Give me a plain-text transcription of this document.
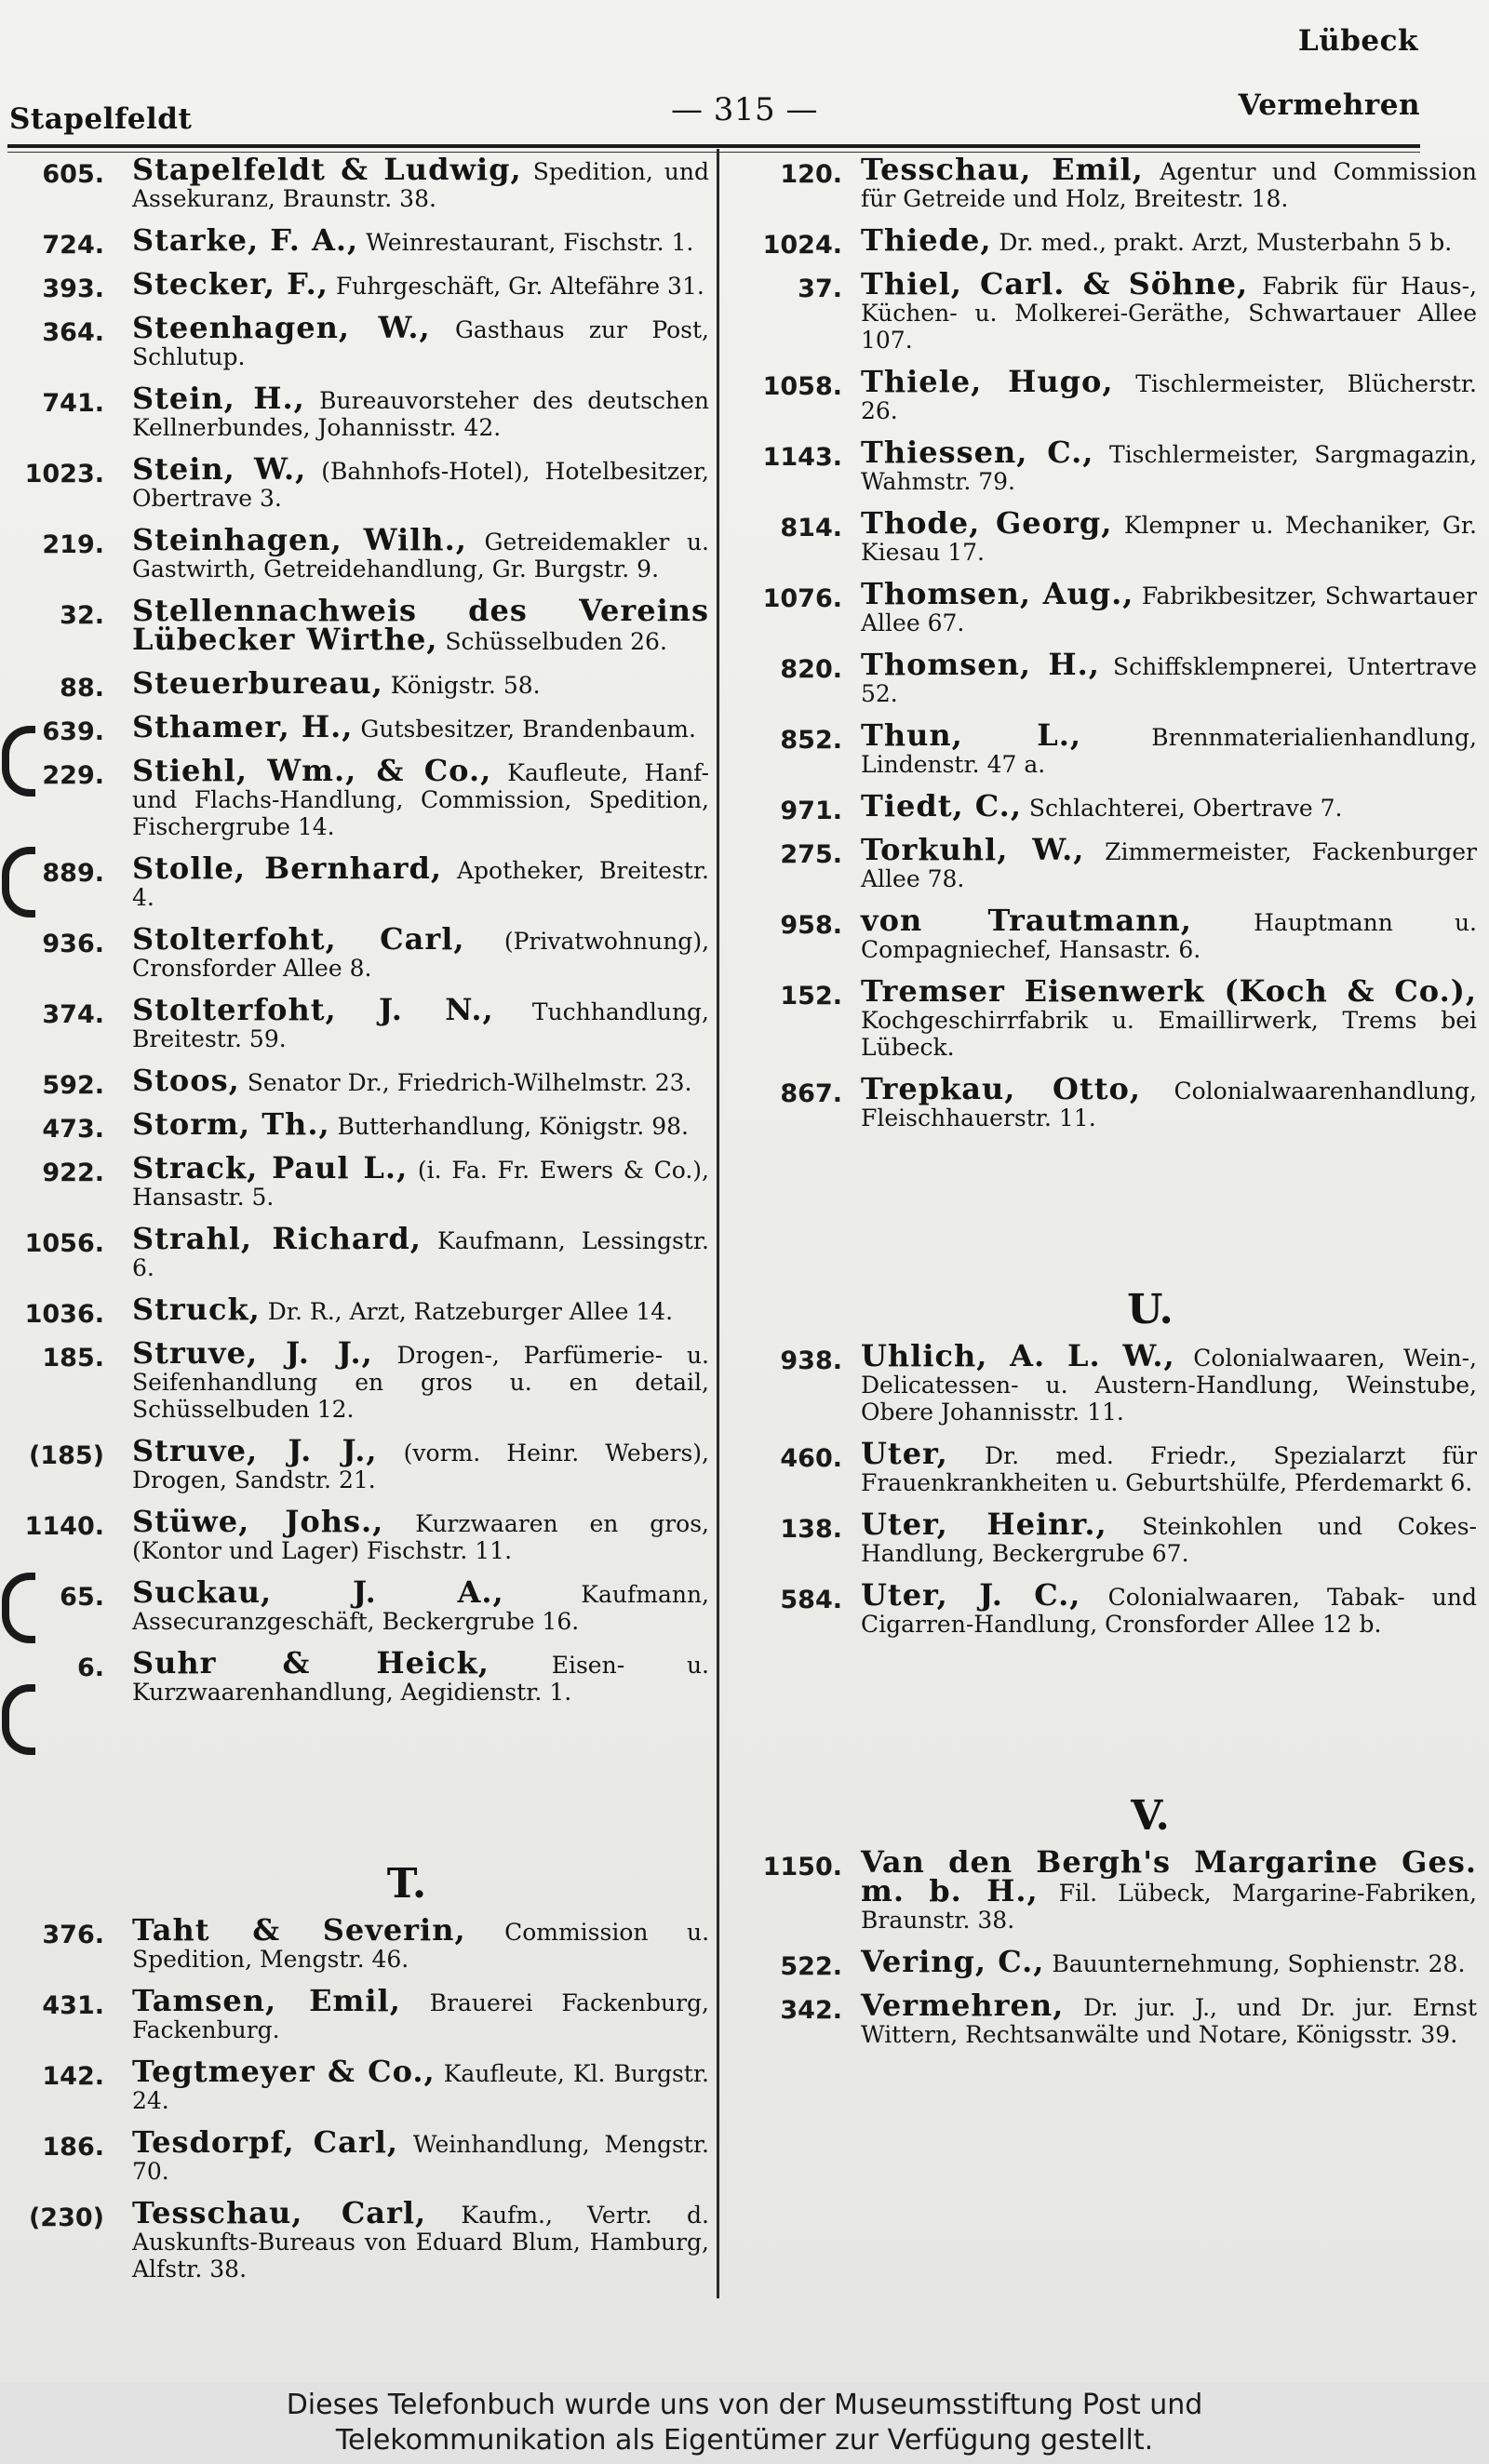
Lübeck
Stapelfeldt	— 315 —	Vermehren
605. Stapelfeldt & Ludwig, Spedition, und Assekuranz, Braunstr. 38.
724. Starke, F. A., Weinrestaurant, Fischstr. 1.
393. Stecker, F., Fuhrgeschäft, Gr. Altefähre 31.
364. Steenhagen, W., Gasthaus zur Post, Schlutup.
741. Stein, H., Bureauvorsteher des deutschen Kellnerbundes, Johannisstr. 42.
1023. Stein, W., (Bahnhofs-Hotel), Hotelbesitzer, Obertrave 3.
219. Steinhagen, Wilh., Getreidemakler u. Gastwirth, Getreidehandlung, Gr. Burgstr. 9.
32. Stellennachweis des Vereins Lübecker Wirthe, Schüsselbuden 26.
88. Steuerbureau, Königstr. 58.
639. Sthamer, H., Gutsbesitzer, Brandenbaum.
229. Stiehl, Wm., & Co., Kaufleute, Hanf- und Flachs-Handlung, Commission, Spedition, Fischergrube 14.
889. Stolle, Bernhard, Apotheker, Breitestr. 4.
936. Stolterfoht, Carl, (Privatwohnung), Cronsforder Allee 8.
374. Stolterfoht, J. N., Tuchhandlung, Breitestr. 59.
592. Stoos, Senator Dr., Friedrich-Wilhelmstr. 23.
473. Storm, Th., Butterhandlung, Königstr. 98.
922. Strack, Paul L., (i. Fa. Fr. Ewers & Co.), Hansastr. 5.
1056. Strahl, Richard, Kaufmann, Lessingstr. 6.
1036. Struck, Dr. R., Arzt, Ratzeburger Allee 14.
185. Struve, J. J., Drogen-, Parfümerie- u. Seifenhandlung en gros u. en detail, Schüsselbuden 12.
(185) Struve, J. J., (vorm. Heinr. Webers), Drogen, Sandstr. 21.
1140. Stüwe, Johs., Kurzwaaren en gros, (Kontor und Lager) Fischstr. 11.
65. Suckau, J. A.,	Kaufmann, Assecuranzgeschäft, Beckergrube 16.
6. Suhr & Heick,	Eisen- u. Kurzwaarenhandlung, Aegidienstr. 1.
T.
376. Taht & Severin, Commission u. Spedition, Mengstr. 46.
431. Tamsen, Emil, Brauerei Fackenburg, Fackenburg.
142. Tegtmeyer & Co., Kaufleute, Kl. Burgstr. 24.
186. Tesdorpf, Carl, Weinhandlung, Mengstr. 70.
(230) Tesschau, Carl, Kaufm., Vertr. d. Auskunfts-Bureaus von Eduard Blum, Hamburg, Alfstr. 38.
120. Tesschau, Emil, Agentur und Commission für Getreide und Holz, Breitestr. 18.
1024. Thiede, Dr. med., prakt. Arzt, Musterbahn 5 b.
37. Thiel, Carl. & Söhne, Fabrik für Haus-, Küchen- u. Molkerei-Geräthe, Schwartauer Allee 107.
1058. Thiele, Hugo, Tischlermeister, Blücherstr. 26.
1143. Thiessen, C., Tischlermeister, Sargmagazin, Wahmstr. 79.
814. Thode, Georg, Klempner u. Mechaniker, Gr. Kiesau 17.
1076. Thomsen, Aug., Fabrikbesitzer, Schwartauer Allee 67.
820. Thomsen, H., Schiffsklempnerei, Untertrave 52.
852. Thun, L.,	Brennmaterialienhandlung, Lindenstr. 47 a.
971. Tiedt, C., Schlachterei, Obertrave 7.
275. Torkuhl, W., Zimmermeister, Fackenburger Allee 78.
958. von Trautmann,	Hauptmann u. Compagniechef, Hansastr. 6.
152. Tremser Eisenwerk (Koch & Co.), Kochgeschirrfabrik u. Emaillirwerk, Trems bei Lübeck.
867. Trepkau, Otto, Colonialwaarenhandlung, Fleischhauerstr. 11.
U.
938. Uhlich, A. L. W., Colonialwaaren, Wein-, Delicatessen- u. Austern-Handlung, Weinstube, Obere Johannisstr. 11.
460. Uter, Dr. med. Friedr., Spezialarzt für Frauenkrankheiten u. Geburtshülfe, Pferdemarkt 6.
138. Uter, Heinr., Steinkohlen und Cokes-Handlung, Beckergrube 67.
584. Uter, J. C., Colonialwaaren, Tabak- und Cigarren-Handlung, Cronsforder Allee 12 b.
V.
1150. Van den Bergh's Margarine Ges. m. b. H., Fil. Lübeck, Margarine-Fabriken, Braunstr. 38.
522. Vering, C., Bauunternehmung, Sophienstr. 28.
342. Vermehren, Dr. jur. J., und Dr. jur. Ernst Wittern, Rechtsanwälte und Notare, Königsstr. 39.
Dieses Telefonbuch wurde uns von der Museumsstiftung Post und
Telekommunikation als Eigentümer zur Verfügung gestellt.
